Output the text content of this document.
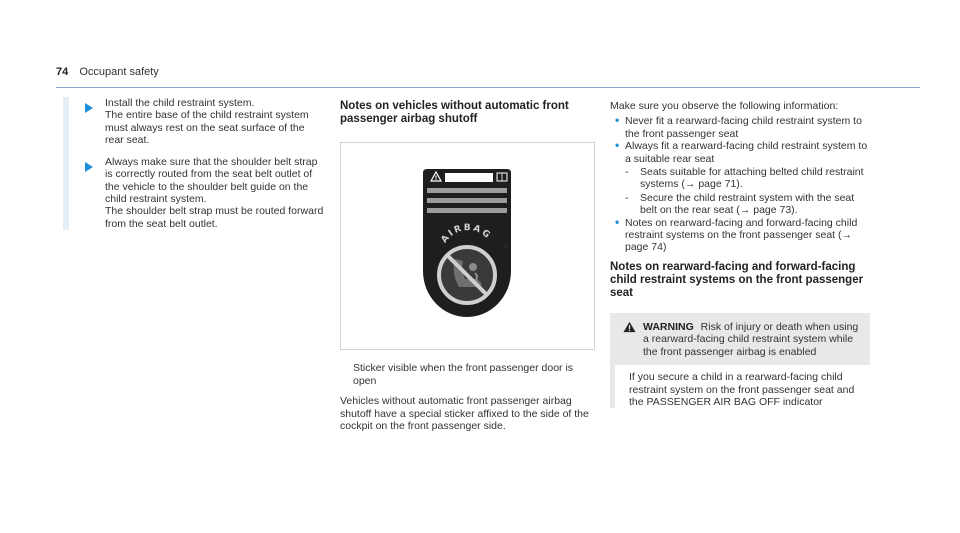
74 Occupant safety
Install the child restraint system.
The entire base of the child restraint system must always rest on the seat surface of the rear seat.
Always make sure that the shoulder belt strap is correctly routed from the seat belt outlet of the vehicle to the shoulder belt guide on the child restraint system.
The shoulder belt strap must be routed forward from the seat belt outlet.
Notes on vehicles without automatic front passenger airbag shutoff
!
AIRBAG
....
Sticker visible when the front passenger door is open
Vehicles without automatic front passenger airbag shutoff have a special sticker affixed to the side of the cockpit on the front passenger side.
Make sure you observe the following information:
• Never fit a rearward-facing child restraint system to the front passenger seat
• Always fit a rearward-facing child restraint system to a suitable rear seat
- Seats suitable for attaching belted child restraint systems (→ page 71).
- Secure the child restraint system with the seat belt on the rear seat (→ page 73).
• Notes on rearward-facing and forward-facing child restraint systems on the front passenger seat (→ page 74)
Notes on rearward-facing and forward-facing child restraint systems on the front passenger seat
WARNING Risk of injury or death when using a rearward-facing child restraint system while the front passenger airbag is enabled
If you secure a child in a rearward-facing child restraint system on the front passenger seat and the PASSENGER AIR BAG OFF indicator
